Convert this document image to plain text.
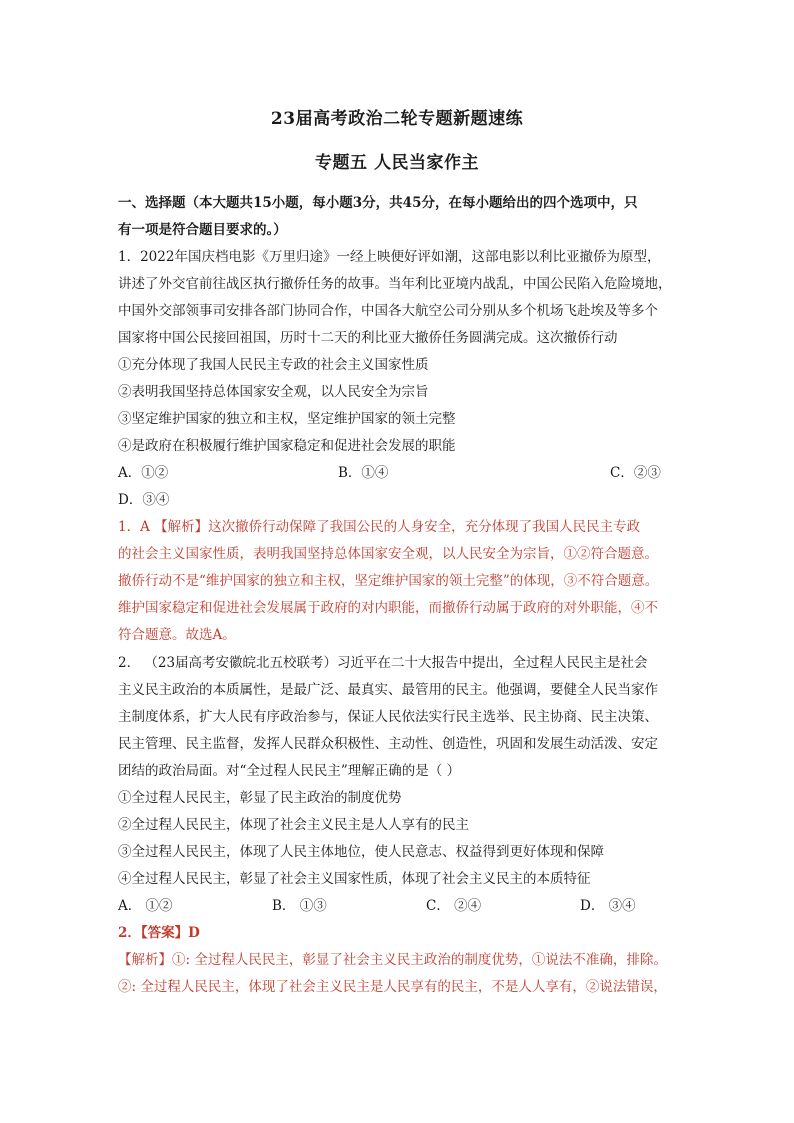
23届高考政治二轮专题新题速练
专题五 人民当家作主
一、选择题（本大题共15小题，每小题3分，共45分，在每小题给出的四个选项中，只
有一项是符合题目要求的。）
1．2022年国庆档电影《万里归途》一经上映便好评如潮，这部电影以利比亚撤侨为原型，
讲述了外交官前往战区执行撤侨任务的故事。当年利比亚境内战乱，中国公民陷入危险境地，
中国外交部领事司安排各部门协同合作，中国各大航空公司分别从多个机场飞赴埃及等多个
国家将中国公民接回祖国，历时十二天的利比亚大撤侨任务圆满完成。这次撤侨行动
①充分体现了我国人民民主专政的社会主义国家性质
②表明我国坚持总体国家安全观，以人民安全为宗旨
③坚定维护国家的独立和主权，坚定维护国家的领土完整
④是政府在积极履行维护国家稳定和促进社会发展的职能
A．①②	B．①④	C．②③
D．③④
1．A 【解析】这次撤侨行动保障了我国公民的人身安全，充分体现了我国人民民主专政
的社会主义国家性质，表明我国坚持总体国家安全观，以人民安全为宗旨，①②符合题意。
撤侨行动不是“维护国家的独立和主权，坚定维护国家的领土完整”的体现，③不符合题意。
维护国家稳定和促进社会发展属于政府的对内职能，而撤侨行动属于政府的对外职能，④不
符合题意。故选A。
2． （23届高考安徽皖北五校联考）习近平在二十大报告中提出，全过程人民民主是社会
主义民主政治的本质属性，是最广泛、最真实、最管用的民主。他强调，要健全人民当家作
主制度体系，扩大人民有序政治参与，保证人民依法实行民主选举、民主协商、民主决策、
民主管理、民主监督，发挥人民群众积极性、主动性、创造性，巩固和发展生动活泼、安定
团结的政治局面。对“全过程人民民主”理解正确的是（ ）
①全过程人民民主，彰显了民主政治的制度优势
②全过程人民民主，体现了社会主义民主是人人享有的民主
③全过程人民民主，体现了人民主体地位，使人民意志、权益得到更好体现和保障
④全过程人民民主，彰显了社会主义国家性质，体现了社会主义民主的本质特征
A． ①②	B． ①③	C． ②④	D． ③④
2．【答案】D
【解析】①: 全过程人民民主，彰显了社会主义民主政治的制度优势，①说法不准确，排除。
②: 全过程人民民主，体现了社会主义民主是人民享有的民主，不是人人享有，②说法错误，
